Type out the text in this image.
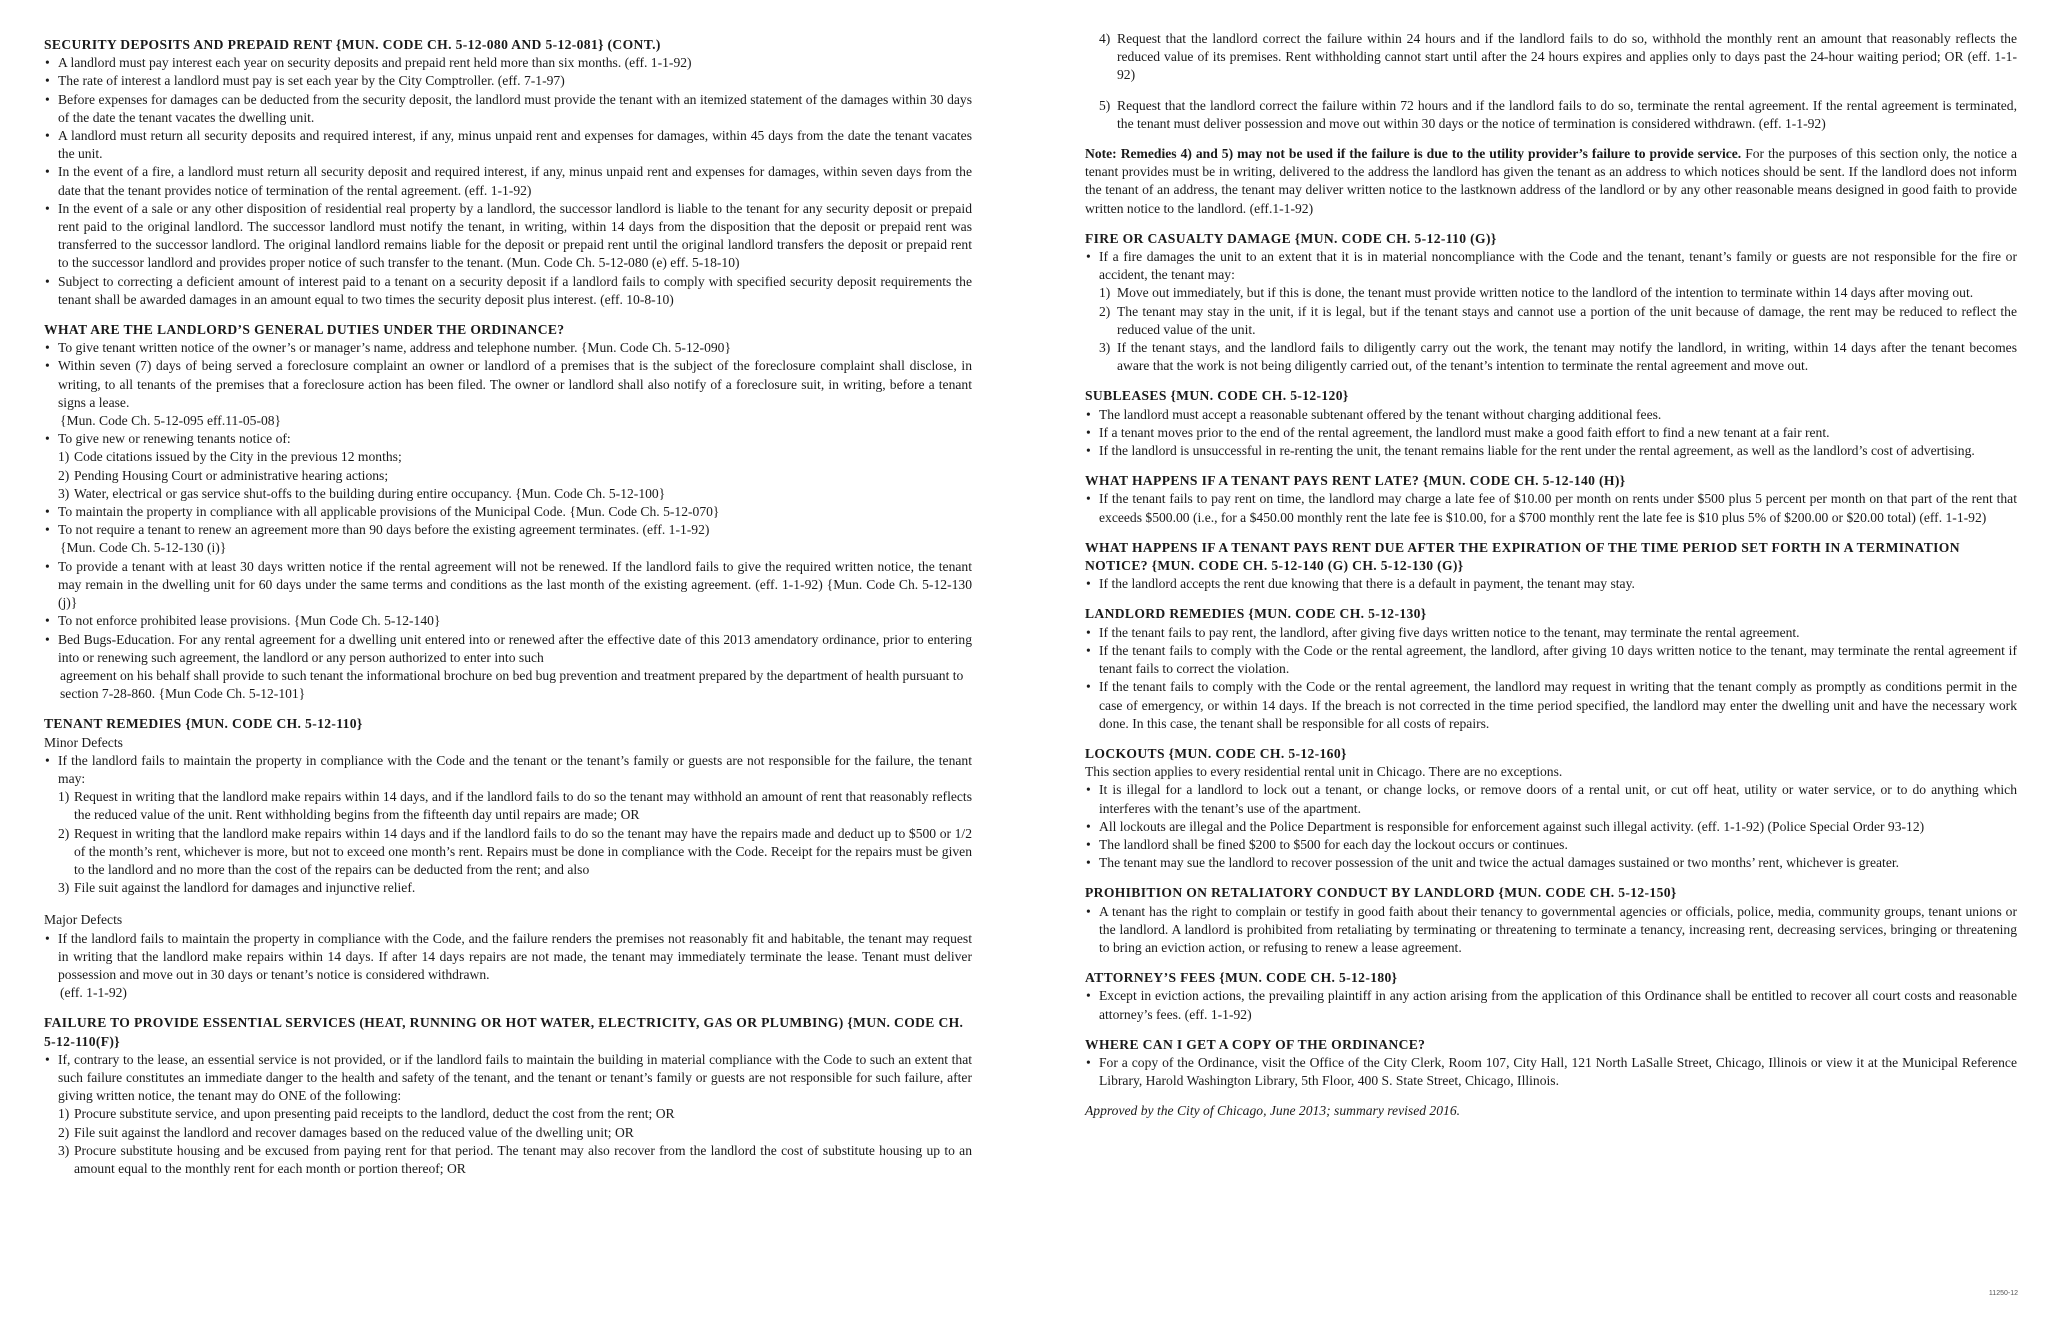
SECURITY DEPOSITS AND PREPAID RENT {MUN. CODE CH. 5-12-080 AND 5-12-081} (CONT.)
• A landlord must pay interest each year on security deposits and prepaid rent held more than six months. (eff. 1-1-92)
• The rate of interest a landlord must pay is set each year by the City Comptroller. (eff. 7-1-97)
• Before expenses for damages can be deducted from the security deposit, the landlord must provide the tenant with an itemized statement of the damages within 30 days of the date the tenant vacates the dwelling unit.
• A landlord must return all security deposits and required interest, if any, minus unpaid rent and expenses for damages, within 45 days from the date the tenant vacates the unit.
• In the event of a fire, a landlord must return all security deposit and required interest, if any, minus unpaid rent and expenses for damages, within seven days from the date that the tenant provides notice of termination of the rental agreement. (eff. 1-1-92)
• In the event of a sale or any other disposition of residential real property by a landlord, the successor landlord is liable to the tenant for any security deposit or prepaid rent paid to the original landlord. The successor landlord must notify the tenant, in writing, within 14 days from the disposition that the deposit or prepaid rent was transferred to the successor landlord. The original landlord remains liable for the deposit or prepaid rent until the original landlord transfers the deposit or prepaid rent to the successor landlord and provides proper notice of such transfer to the tenant. (Mun. Code Ch. 5-12-080 (e) eff. 5-18-10)
• Subject to correcting a deficient amount of interest paid to a tenant on a security deposit if a landlord fails to comply with specified security deposit requirements the tenant shall be awarded damages in an amount equal to two times the security deposit plus interest. (eff. 10-8-10)
WHAT ARE THE LANDLORD’S GENERAL DUTIES UNDER THE ORDINANCE?
• To give tenant written notice of the owner’s or manager’s name, address and telephone number. {Mun. Code Ch. 5-12-090}
• Within seven (7) days of being served a foreclosure complaint an owner or landlord of a premises that is the subject of the foreclosure complaint shall disclose, in writing, to all tenants of the premises that a foreclosure action has been filed. The owner or landlord shall also notify of a foreclosure suit, in writing, before a tenant signs a lease.
{Mun. Code Ch. 5-12-095 eff.11-05-08}
• To give new or renewing tenants notice of:
1) Code citations issued by the City in the previous 12 months;
2) Pending Housing Court or administrative hearing actions;
3) Water, electrical or gas service shut-offs to the building during entire occupancy. {Mun. Code Ch. 5-12-100}
• To maintain the property in compliance with all applicable provisions of the Municipal Code. {Mun. Code Ch. 5-12-070}
• To not require a tenant to renew an agreement more than 90 days before the existing agreement terminates. (eff. 1-1-92)
{Mun. Code Ch. 5-12-130 (i)}
• To provide a tenant with at least 30 days written notice if the rental agreement will not be renewed. If the landlord fails to give the required written notice, the tenant may remain in the dwelling unit for 60 days under the same terms and conditions as the last month of the existing agreement. (eff. 1-1-92) {Mun. Code Ch. 5-12-130 (j)}
• To not enforce prohibited lease provisions. {Mun Code Ch. 5-12-140}
• Bed Bugs-Education. For any rental agreement for a dwelling unit entered into or renewed after the effective date of this 2013 amendatory ordinance, prior to entering into or renewing such agreement, the landlord or any person authorized to enter into such
agreement on his behalf shall provide to such tenant the informational brochure on bed bug prevention and treatment prepared by the department of health pursuant to section 7-28-860. {Mun Code Ch. 5-12-101}
TENANT REMEDIES {MUN. CODE CH. 5-12-110}
Minor Defects
• If the landlord fails to maintain the property in compliance with the Code and the tenant or the tenant’s family or guests are not responsible for the failure, the tenant may:
1) Request in writing that the landlord make repairs within 14 days, and if the landlord fails to do so the tenant may withhold an amount of rent that reasonably reflects the reduced value of the unit. Rent withholding begins from the fifteenth day until repairs are made; OR
2) Request in writing that the landlord make repairs within 14 days and if the landlord fails to do so the tenant may have the repairs made and deduct up to $500 or 1/2 of the month’s rent, whichever is more, but not to exceed one month’s rent. Repairs must be done in compliance with the Code. Receipt for the repairs must be given to the landlord and no more than the cost of the repairs can be deducted from the rent; and also
3) File suit against the landlord for damages and injunctive relief.
Major Defects
• If the landlord fails to maintain the property in compliance with the Code, and the failure renders the premises not reasonably fit and habitable, the tenant may request in writing that the landlord make repairs within 14 days. If after 14 days repairs are not made, the tenant may immediately terminate the lease. Tenant must deliver possession and move out in 30 days or tenant’s notice is considered withdrawn.
(eff. 1-1-92)
FAILURE TO PROVIDE ESSENTIAL SERVICES (HEAT, RUNNING OR HOT WATER, ELECTRICITY, GAS OR PLUMBING) {MUN. CODE CH. 5-12-110(F)}
• If, contrary to the lease, an essential service is not provided, or if the landlord fails to maintain the building in material compliance with the Code to such an extent that such failure constitutes an immediate danger to the health and safety of the tenant, and the tenant or tenant’s family or guests are not responsible for such failure, after giving written notice, the tenant may do ONE of the following:
1) Procure substitute service, and upon presenting paid receipts to the landlord, deduct the cost from the rent; OR
2) File suit against the landlord and recover damages based on the reduced value of the dwelling unit; OR
3) Procure substitute housing and be excused from paying rent for that period. The tenant may also recover from the landlord the cost of substitute housing up to an amount equal to the monthly rent for each month or portion thereof; OR
4) Request that the landlord correct the failure within 24 hours and if the landlord fails to do so, withhold the monthly rent an amount that reasonably reflects the reduced value of its premises. Rent withholding cannot start until after the 24 hours expires and applies only to days past the 24-hour waiting period; OR (eff. 1-1-92)
5) Request that the landlord correct the failure within 72 hours and if the landlord fails to do so, terminate the rental agreement. If the rental agreement is terminated, the tenant must deliver possession and move out within 30 days or the notice of termination is considered withdrawn. (eff. 1-1-92)
Note: Remedies 4) and 5) may not be used if the failure is due to the utility provider’s failure to provide service. For the purposes of this section only, the notice a tenant provides must be in writing, delivered to the address the landlord has given the tenant as an address to which notices should be sent. If the landlord does not inform the tenant of an address, the tenant may deliver written notice to the lastknown address of the landlord or by any other reasonable means designed in good faith to provide written notice to the landlord. (eff.1-1-92)
FIRE OR CASUALTY DAMAGE {MUN. CODE CH. 5-12-110 (G)}
• If a fire damages the unit to an extent that it is in material noncompliance with the Code and the tenant, tenant’s family or guests are not responsible for the fire or accident, the tenant may:
1) Move out immediately, but if this is done, the tenant must provide written notice to the landlord of the intention to terminate within 14 days after moving out.
2) The tenant may stay in the unit, if it is legal, but if the tenant stays and cannot use a portion of the unit because of damage, the rent may be reduced to reflect the reduced value of the unit.
3) If the tenant stays, and the landlord fails to diligently carry out the work, the tenant may notify the landlord, in writing, within 14 days after the tenant becomes aware that the work is not being diligently carried out, of the tenant’s intention to terminate the rental agreement and move out.
SUBLEASES {MUN. CODE CH. 5-12-120}
• The landlord must accept a reasonable subtenant offered by the tenant without charging additional fees.
• If a tenant moves prior to the end of the rental agreement, the landlord must make a good faith effort to find a new tenant at a fair rent.
• If the landlord is unsuccessful in re-renting the unit, the tenant remains liable for the rent under the rental agreement, as well as the landlord’s cost of advertising.
WHAT HAPPENS IF A TENANT PAYS RENT LATE? {MUN. CODE CH. 5-12-140 (H)}
• If the tenant fails to pay rent on time, the landlord may charge a late fee of $10.00 per month on rents under $500 plus 5 percent per month on that part of the rent that exceeds $500.00 (i.e., for a $450.00 monthly rent the late fee is $10.00, for a $700 monthly rent the late fee is $10 plus 5% of $200.00 or $20.00 total) (eff. 1-1-92)
WHAT HAPPENS IF A TENANT PAYS RENT DUE AFTER THE EXPIRATION OF THE TIME PERIOD SET FORTH IN A TERMINATION NOTICE? {MUN. CODE CH. 5-12-140 (G) CH. 5-12-130 (G)}
• If the landlord accepts the rent due knowing that there is a default in payment, the tenant may stay.
LANDLORD REMEDIES {MUN. CODE CH. 5-12-130}
• If the tenant fails to pay rent, the landlord, after giving five days written notice to the tenant, may terminate the rental agreement.
• If the tenant fails to comply with the Code or the rental agreement, the landlord, after giving 10 days written notice to the tenant, may terminate the rental agreement if tenant fails to correct the violation.
• If the tenant fails to comply with the Code or the rental agreement, the landlord may request in writing that the tenant comply as promptly as conditions permit in the case of emergency, or within 14 days. If the breach is not corrected in the time period specified, the landlord may enter the dwelling unit and have the necessary work done. In this case, the tenant shall be responsible for all costs of repairs.
LOCKOUTS {MUN. CODE CH. 5-12-160}
This section applies to every residential rental unit in Chicago. There are no exceptions.
• It is illegal for a landlord to lock out a tenant, or change locks, or remove doors of a rental unit, or cut off heat, utility or water service, or to do anything which interferes with the tenant’s use of the apartment.
• All lockouts are illegal and the Police Department is responsible for enforcement against such illegal activity. (eff. 1-1-92) (Police Special Order 93-12)
• The landlord shall be fined $200 to $500 for each day the lockout occurs or continues.
• The tenant may sue the landlord to recover possession of the unit and twice the actual damages sustained or two months’ rent, whichever is greater.
PROHIBITION ON RETALIATORY CONDUCT BY LANDLORD {MUN. CODE CH. 5-12-150}
• A tenant has the right to complain or testify in good faith about their tenancy to governmental agencies or officials, police, media, community groups, tenant unions or the landlord. A landlord is prohibited from retaliating by terminating or threatening to terminate a tenancy, increasing rent, decreasing services, bringing or threatening to bring an eviction action, or refusing to renew a lease agreement.
ATTORNEY’S FEES {MUN. CODE CH. 5-12-180}
• Except in eviction actions, the prevailing plaintiff in any action arising from the application of this Ordinance shall be entitled to recover all court costs and reasonable attorney’s fees. (eff. 1-1-92)
WHERE CAN I GET A COPY OF THE ORDINANCE?
• For a copy of the Ordinance, visit the Office of the City Clerk, Room 107, City Hall, 121 North LaSalle Street, Chicago, Illinois or view it at the Municipal Reference Library, Harold Washington Library, 5th Floor, 400 S. State Street, Chicago, Illinois.
Approved by the City of Chicago, June 2013; summary revised 2016.
11250-12
